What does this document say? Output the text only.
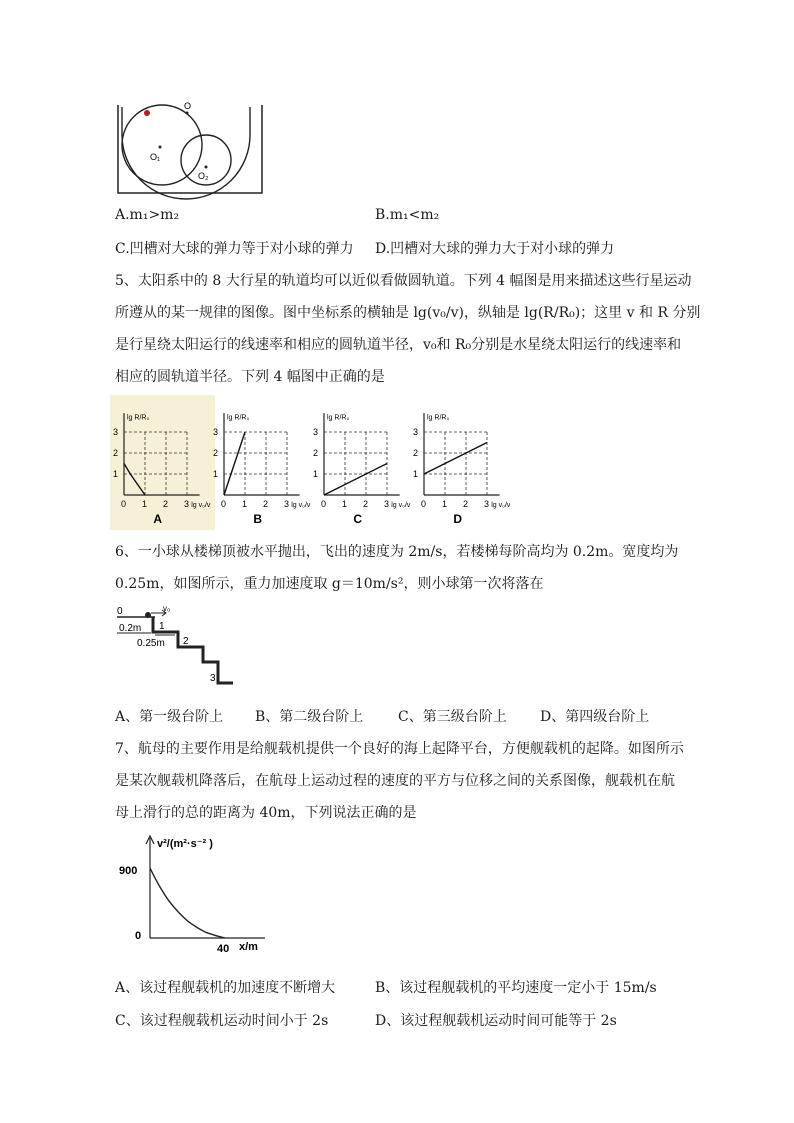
O
O₁
O₂
A.m₁>m₂	B.m₁<m₂
C.凹槽对大球的弹力等于对小球的弹力 D.凹槽对大球的弹力大于对小球的弹力
5、太阳系中的 8 大行星的轨道均可以近似看做圆轨道。下列 4 幅图是用来描述这些行星运动
所遵从的某一规律的图像。图中坐标系的横轴是 lg(v₀/v)，纵轴是 lg(R/R₀)；这里 v 和 R 分别
是行星绕太阳运行的线速率和相应的圆轨道半径，v₀和 R₀分别是水星绕太阳运行的线速率和
相应的圆轨道半径。下列 4 幅图中正确的是
0 1
1
2
2
3
3
lg R/R₀
lg v₀/v
A
0 1
1
2
2
3
3
lg R/R₀
lg v₀/v
B
0 1
1
2
2
3
3
lg R/R₀
lg v₀/v
C
0 1
1
2
2
3
3
lg R/R₀
lg v₀/v
D
6、一小球从楼梯顶被水平抛出，飞出的速度为 2m/s，若楼梯每阶高均为 0.2m。宽度均为
0.25m，如图所示，重力加速度取 g＝10m/s²，则小球第一次将落在
0	v₀
0.2m 1
0.25m 2
3
A、第一级台阶上 B、第二级台阶上 C、第三级台阶上 D、第四级台阶上
7、航母的主要作用是给舰载机提供一个良好的海上起降平台，方便舰载机的起降。如图所示
是某次舰载机降落后，在航母上运动过程的速度的平方与位移之间的关系图像，舰载机在航
母上滑行的总的距离为 40m，下列说法正确的是
v²/(m²·s⁻² )
900
0
40 x/m
A、该过程舰载机的加速度不断增大	B、该过程舰载机的平均速度一定小于 15m/s
C、该过程舰载机运动时间小于 2s	D、该过程舰载机运动时间可能等于 2s
